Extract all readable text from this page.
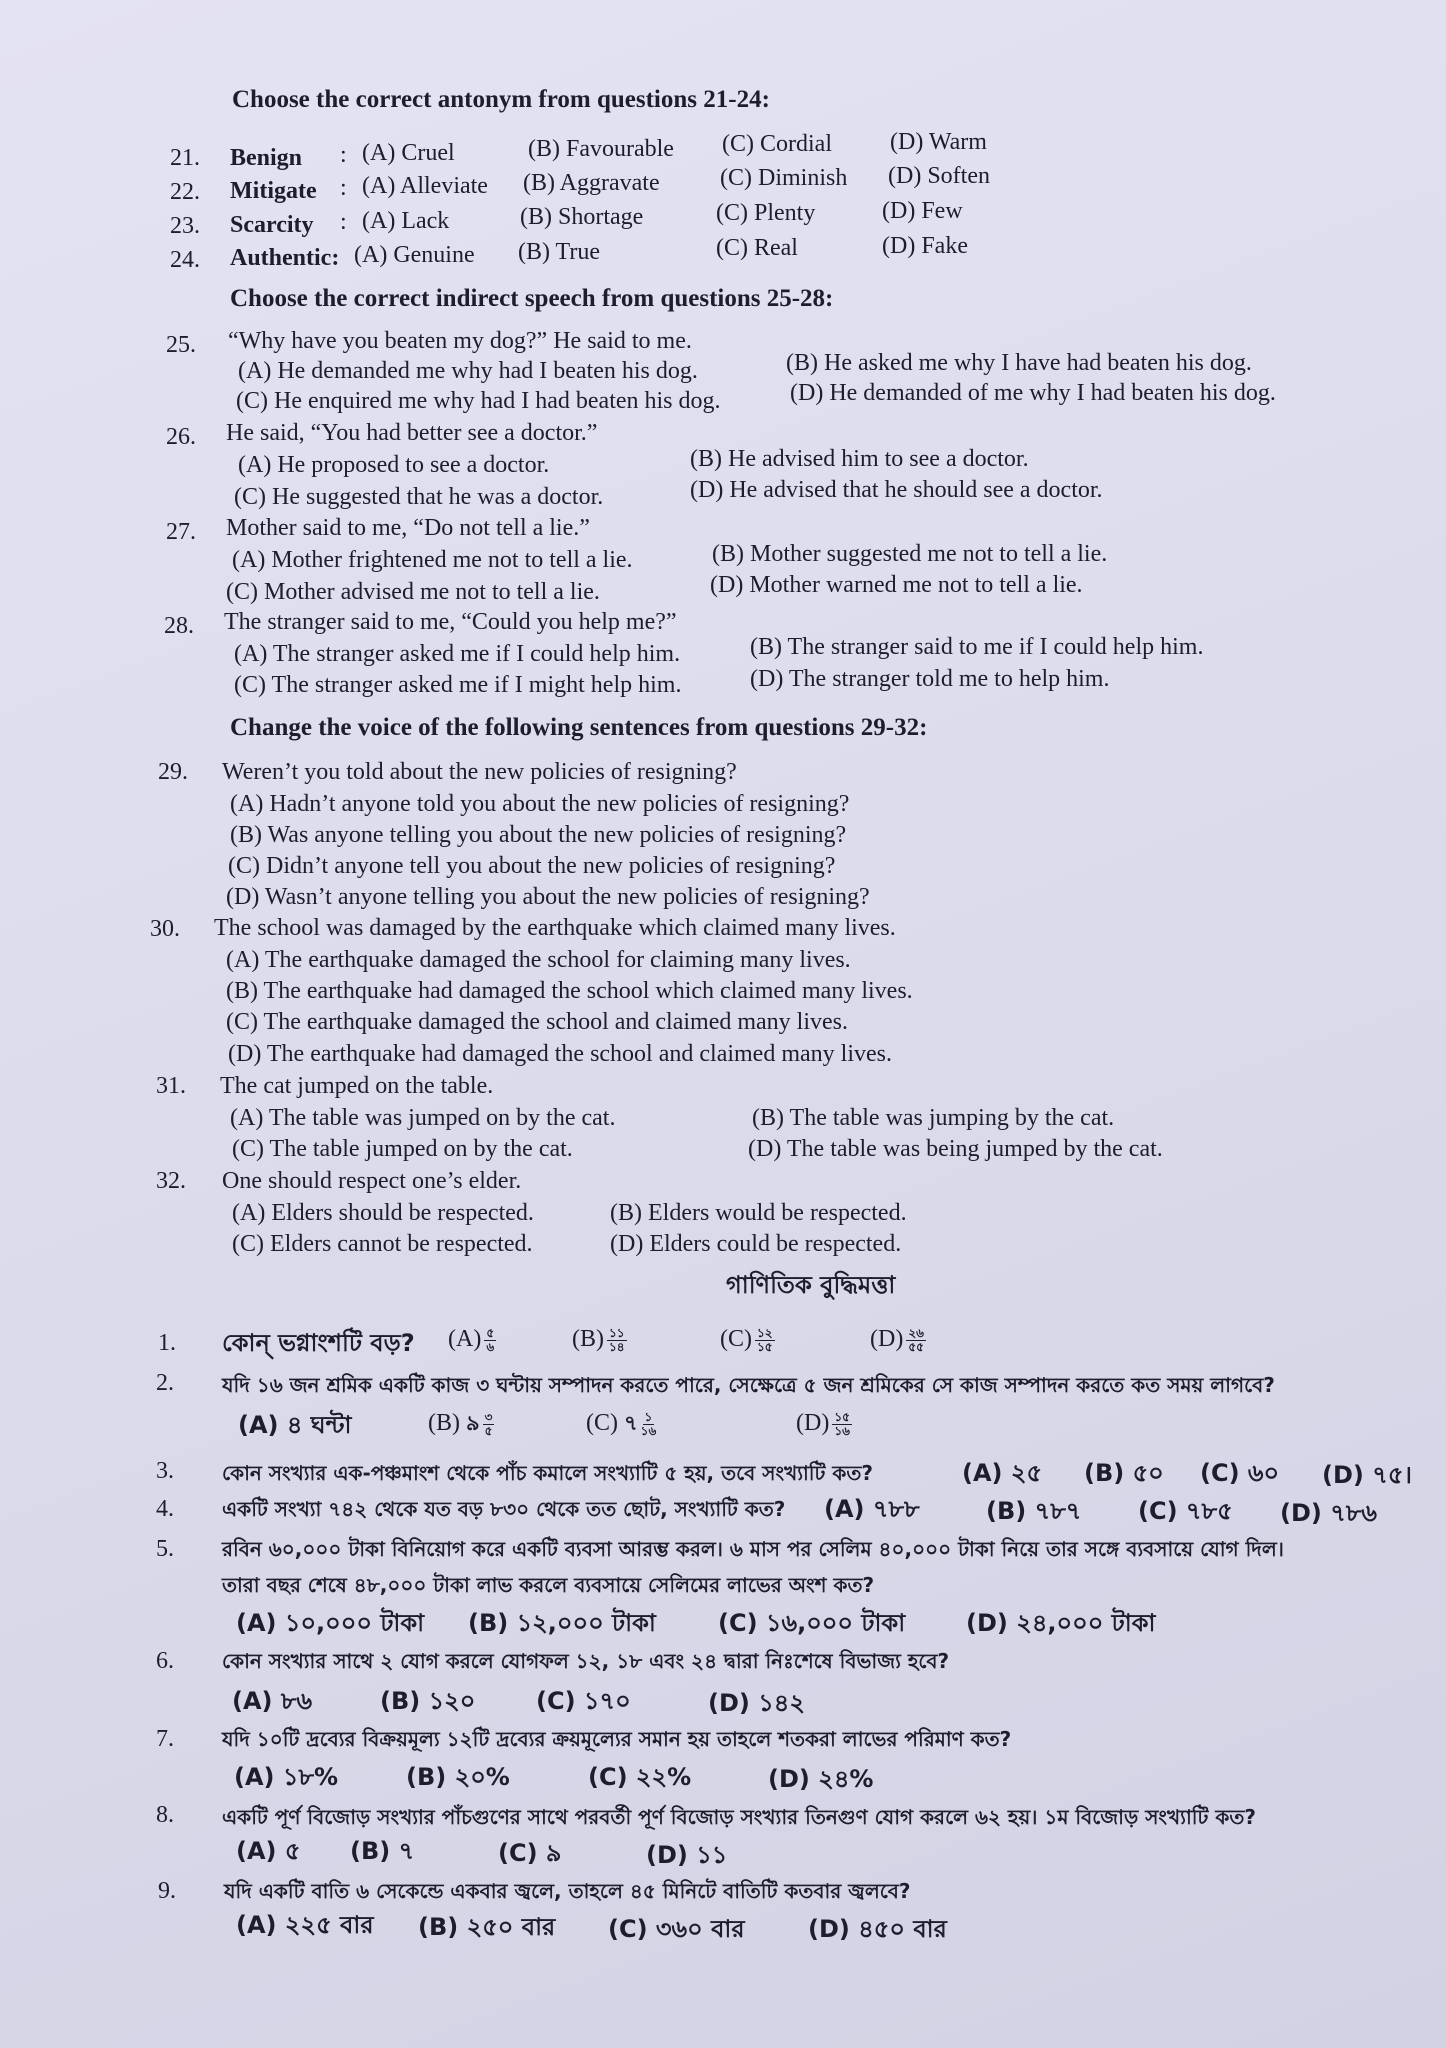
Choose the correct antonym from questions 21-24:
21. Benign : (A) Cruel	(B) Favourable (C) Cordial (D) Warm
22. Mitigate : (A) Alleviate (B) Aggravate	(C) Diminish (D) Soften
23. Scarcity : (A) Lack	(B) Shortage	(C) Plenty	(D) Few
24. Authentic: (A) Genuine (B) True	(C) Real	(D) Fake
Choose the correct indirect speech from questions 25-28:
25. “Why have you beaten my dog?” He said to me.
(A) He demanded me why had I beaten his dog.	(B) He asked me why I have had beaten his dog.
(C) He enquired me why had I had beaten his dog.	(D) He demanded of me why I had beaten his dog.
26. He said, “You had better see a doctor.”
(A) He proposed to see a doctor.	(B) He advised him to see a doctor.
(C) He suggested that he was a doctor.	(D) He advised that he should see a doctor.
27. Mother said to me, “Do not tell a lie.”
(A) Mother frightened me not to tell a lie.	(B) Mother suggested me not to tell a lie.
(C) Mother advised me not to tell a lie.	(D) Mother warned me not to tell a lie.
28. The stranger said to me, “Could you help me?”
(A) The stranger asked me if I could help him.	(B) The stranger said to me if I could help him.
(C) The stranger asked me if I might help him.	(D) The stranger told me to help him.
Change the voice of the following sentences from questions 29-32:
29. Weren’t you told about the new policies of resigning?
(A) Hadn’t anyone told you about the new policies of resigning?
(B) Was anyone telling you about the new policies of resigning?
(C) Didn’t anyone tell you about the new policies of resigning?
(D) Wasn’t anyone telling you about the new policies of resigning?
30. The school was damaged by the earthquake which claimed many lives.
(A) The earthquake damaged the school for claiming many lives.
(B) The earthquake had damaged the school which claimed many lives.
(C) The earthquake damaged the school and claimed many lives.
(D) The earthquake had damaged the school and claimed many lives.
31. The cat jumped on the table.
(A) The table was jumped on by the cat.	(B) The table was jumping by the cat.
(C) The table jumped on by the cat.	(D) The table was being jumped by the cat.
32. One should respect one’s elder.
(A) Elders should be respected.	(B) Elders would be respected.
(C) Elders cannot be respected.	(D) Elders could be respected.
গাণিতিক বুদ্ধিমত্তা
1. কোন্ ভগ্নাংশটি বড়? $(A) \frac{৫}{৬}$	$(B) \frac{১১}{১৪}$	$(C) \frac{১২}{১৫}$	$(D) \frac{২৬}{৫৫}$
2. যদি ১৬ জন শ্রমিক একটি কাজ ৩ ঘন্টায় সম্পাদন করতে পারে, সেক্ষেত্রে ৫ জন শ্রমিকের সে কাজ সম্পাদন করতে কত সময় লাগবে?
(A) ৪ ঘন্টা	(B) ৯ $\frac{৩}{৫}$	(C) ৭ $\frac{১}{১৬}$	$(D) \frac{১৫}{১৬}$
3. কোন সংখ্যার এক-পঞ্চমাংশ থেকে পাঁচ কমালে সংখ্যাটি ৫ হয়, তবে সংখ্যাটি কত?	(A) ২৫ (B) ৫০ (C) ৬০ (D) ৭৫।
4. একটি সংখ্যা ৭৪২ থেকে যত বড় ৮৩০ থেকে তত ছোট, সংখ্যাটি কত? (A) ৭৮৮	(B) ৭৮৭ (C) ৭৮৫ (D) ৭৮৬
5. রবিন ৬০,০০০ টাকা বিনিয়োগ করে একটি ব্যবসা আরম্ভ করল। ৬ মাস পর সেলিম ৪০,০০০ টাকা নিয়ে তার সঙ্গে ব্যবসায়ে যোগ দিল।
তারা বছর শেষে ৪৮,০০০ টাকা লাভ করলে ব্যবসায়ে সেলিমের লাভের অংশ কত?
(A) ১০,০০০ টাকা (B) ১২,০০০ টাকা	(C) ১৬,০০০ টাকা	(D) ২৪,০০০ টাকা
6. কোন সংখ্যার সাথে ২ যোগ করলে যোগফল ১২, ১৮ এবং ২৪ দ্বারা নিঃশেষে বিভাজ্য হবে?
(A) ৮৬	(B) ১২০	(C) ১৭০	(D) ১৪২
7. যদি ১০টি দ্রব্যের বিক্রয়মূল্য ১২টি দ্রব্যের ক্রয়মূল্যের সমান হয় তাহলে শতকরা লাভের পরিমাণ কত?
(A) ১৮%	(B) ২০%	(C) ২২%	(D) ২৪%
8. একটি পূর্ণ বিজোড় সংখ্যার পাঁচগুণের সাথে পরবর্তী পূর্ণ বিজোড় সংখ্যার তিনগুণ যোগ করলে ৬২ হয়। ১ম বিজোড় সংখ্যাটি কত?
(A) ৫ (B) ৭	(C) ৯	(D) ১১
9. যদি একটি বাতি ৬ সেকেন্ডে একবার জ্বলে, তাহলে ৪৫ মিনিটে বাতিটি কতবার জ্বলবে?
(A) ২২৫ বার (B) ২৫০ বার (C) ৩৬০ বার	(D) ৪৫০ বার
